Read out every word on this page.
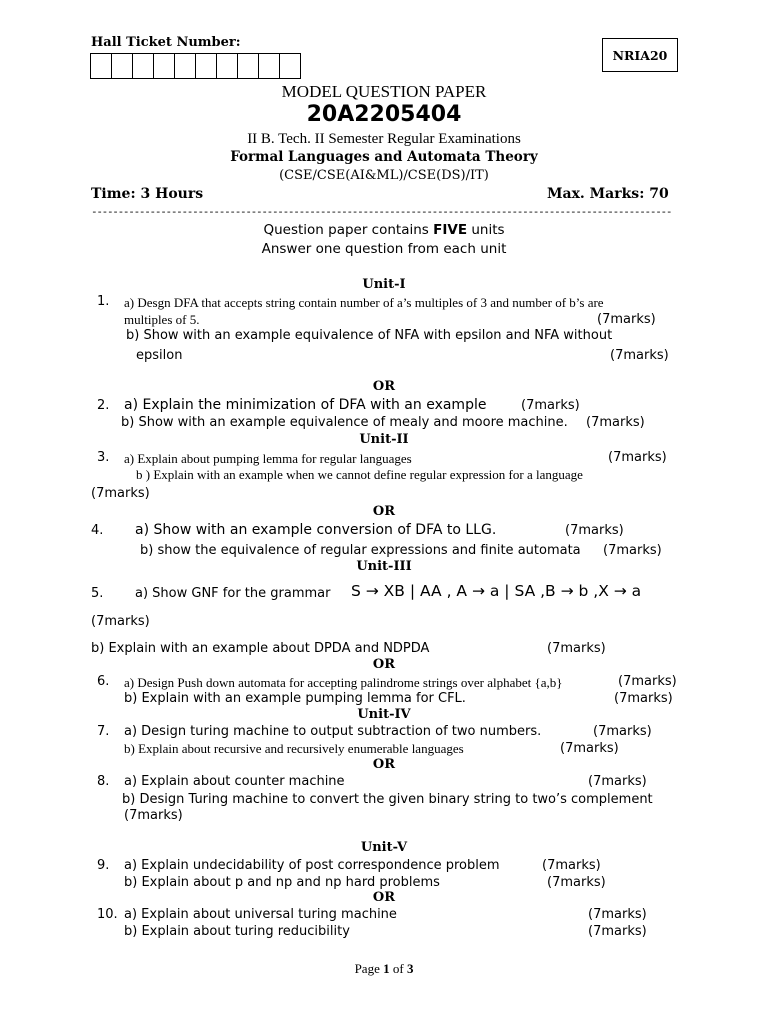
Hall Ticket Number:
NRIA20
MODEL QUESTION PAPER
20A2205404
II B. Tech. II Semester Regular Examinations
Formal Languages and Automata Theory
(CSE/CSE(AI&ML)/CSE(DS)/IT)
Time: 3 Hours	Max. Marks: 70
-------------------------------------------------------------------------------------------------------------
Question paper contains FIVE units
Answer one question from each unit
Unit-I
1. a) Desgn DFA that accepts string contain number of a’s multiples of 3 and number of b’s are
multiples of 5.	(7marks)
b) Show with an example equivalence of NFA with epsilon and NFA without
epsilon	(7marks)
OR
2. a) Explain the minimization of DFA with an example	(7marks)
b) Show with an example equivalence of mealy and moore machine. (7marks)
Unit-II
3. a) Explain about pumping lemma for regular languages	(7marks)
b ) Explain with an example when we cannot define regular expression for a language
(7marks)
OR
4. a) Show with an example conversion of DFA to LLG.	(7marks)
b) show the equivalence of regular expressions and finite automata (7marks)
Unit-III
5. a) Show GNF for the grammar S → XB | AA , A → a | SA ,B → b ,X → a
(7marks)
b) Explain with an example about DPDA and NDPDA	(7marks)
OR
6. a) Design Push down automata for accepting palindrome strings over alphabet {a,b}	(7marks)
b) Explain with an example pumping lemma for CFL.	(7marks)
Unit-IV
7. a) Design turing machine to output subtraction of two numbers.	(7marks)
b) Explain about recursive and recursively enumerable languages	(7marks)
OR
8. a) Explain about counter machine	(7marks)
b) Design Turing machine to convert the given binary string to two’s complement
(7marks)
Unit-V
9. a) Explain undecidability of post correspondence problem	(7marks)
b) Explain about p and np and np hard problems	(7marks)
OR
10. a) Explain about universal turing machine	(7marks)
b) Explain about turing reducibility	(7marks)
Page 1 of 3
